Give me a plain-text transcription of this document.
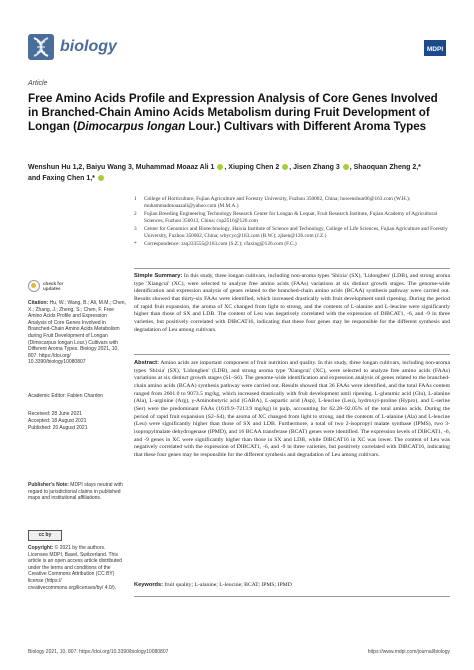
biology	MDPI
Article
Free Amino Acids Profile and Expression Analysis of Core Genes Involved in Branched-Chain Amino Acids Metabolism during Fruit Development of Longan (Dimocarpus longan Lour.) Cultivars with Different Aroma Types
Wenshun Hu 1,2, Baiyu Wang 3, Muhammad Moaaz Ali 1 , Xiuping Chen 2 , Jisen Zhang 3 , Shaoquan Zheng 2,*
and Faxing Chen 1,*
1	College of Horticulture, Fujian Agriculture and Forestry University, Fuzhou 350002, China; huwenshun06@163.com (W.H.); muhammadmoaazali@yahoo.com (M.M.A.)
2	Fujian Breeding Engineering Technology Research Center for Longan & Loquat, Fruit Research Institute, Fujian Academy of Agricultural Sciences, Fuzhou 350013, China; cxp2516@126.com
3	Center for Genomics and Biotechnology, Haixia Institute of Science and Technology, College of Life Sciences, Fujian Agriculture and Forestry University, Fuzhou 350002, China; wbycyc@163.com (B.W.); zjisen@126.com (J.Z.)
*	Correspondence: zsq333555@163.com (S.Z.); cfaxing@126.com (F.C.)
check for
updates
Citation: Hu, W.; Wang, B.; Ali, M.M.; Chen, X.; Zhang, J.; Zheng, S.; Chen, F. Free Amino Acids Profile and Expression Analysis of Core Genes Involved in Branched-Chain Amino Acids Metabolism during Fruit Development of Longan (Dimocarpus longan Lour.) Cultivars with Different Aroma Types. Biology 2021, 10, 807. https://doi.org/ 10.3390/biology10080807
Academic Editor: Fabien Chardon
Received: 28 June 2021
Accepted: 18 August 2021
Published: 20 August 2021
Publisher's Note: MDPI stays neutral with regard to jurisdictional claims in published maps and institutional affiliations.
cc by
Copyright: © 2021 by the authors. Licensee MDPI, Basel, Switzerland. This article is an open access article distributed under the terms and conditions of the Creative Commons Attribution (CC BY) license (https:// creativecommons.org/licenses/by/ 4.0/).
Simple Summary: In this study, three longan cultivars, including non-aroma types 'Shixia' (SX), 'Lidongben' (LDB), and strong aroma type 'Xiangcui' (XC), were selected to analyze free amino acids (FAAs) variations at six distinct growth stages. The genome-wide identification and expression analysis of genes related to the branched-chain amino acids (BCAA) synthesis pathway were carried out. Results showed that thirty-six FAAs were identified, which increased drastically with fruit development until ripening. During the period of rapid fruit expansion, the aroma of XC changed from light to strong, and the contents of L-alanine and L-leucine were significantly higher than those of SX and LDB. The content of Leu was negatively correlated with the expression of DlBCAT1, -6, and -9 in three varieties, but positively correlated with DlBCAT16, indicating that these four genes may be responsible for the different synthesis and degradation of Leu among cultivars.
Abstract: Amino acids are important component of fruit nutrition and quality. In this study, three longan cultivars, including non-aroma types 'Shixia' (SX), 'Lidongben' (LDB), and strong aroma type 'Xiangcui' (XC), were selected to analyze free amino acids (FAAs) variations at six distinct growth stages (S1–S6). The genome-wide identification and expression analysis of genes related to the branched-chain amino acids (BCAA) synthesis pathway were carried out. Results showed that 36 FAAs were identified, and the total FAAs content ranged from 2601.0 to 9073.5 mg/kg, which increased drastically with fruit development until ripening. L-glutamic acid (Glu), L-alanine (Ala), L-arginine (Arg), γ-Aminobutyric acid (GABA), L-aspartic acid (Asp), L-leucine (Leu), hydroxyl-proline (Hypro), and L-serine (Ser) were the predominant FAAs (1619.9–7213.9 mg/kg) in pulp, accounting for 62.28–92.05% of the total amino acids. During the period of rapid fruit expansion (S2–S4), the aroma of XC changed from light to strong, and the contents of L-alanine (Ala) and L-leucine (Leu) were significantly higher than those of SX and LDB. Furthermore, a total of two 2-isopropyl malate synthase (IPMS), two 3-isopropylmalate dehydrogenase (IPMD), and 16 BCAA transferase (BCAT) genes were identified. The expression levels of DlBCAT1, -6, and -9 genes in XC were significantly higher than those in SX and LDB, while DlBCAT16 in XC was lower. The content of Leu was negatively correlated with the expression of DlBCAT1, -6, and -9 in three varieties, but positively correlated with DlBCAT16, indicating that these four genes may be responsible for the different synthesis and degradation of Leu among cultivars.
Keywords: fruit quality; L-alanine; L-leucine; BCAT; IPMS; IPMD
Biology 2021, 10, 807. https://doi.org/10.3390/biology10080807	https://www.mdpi.com/journal/biology
